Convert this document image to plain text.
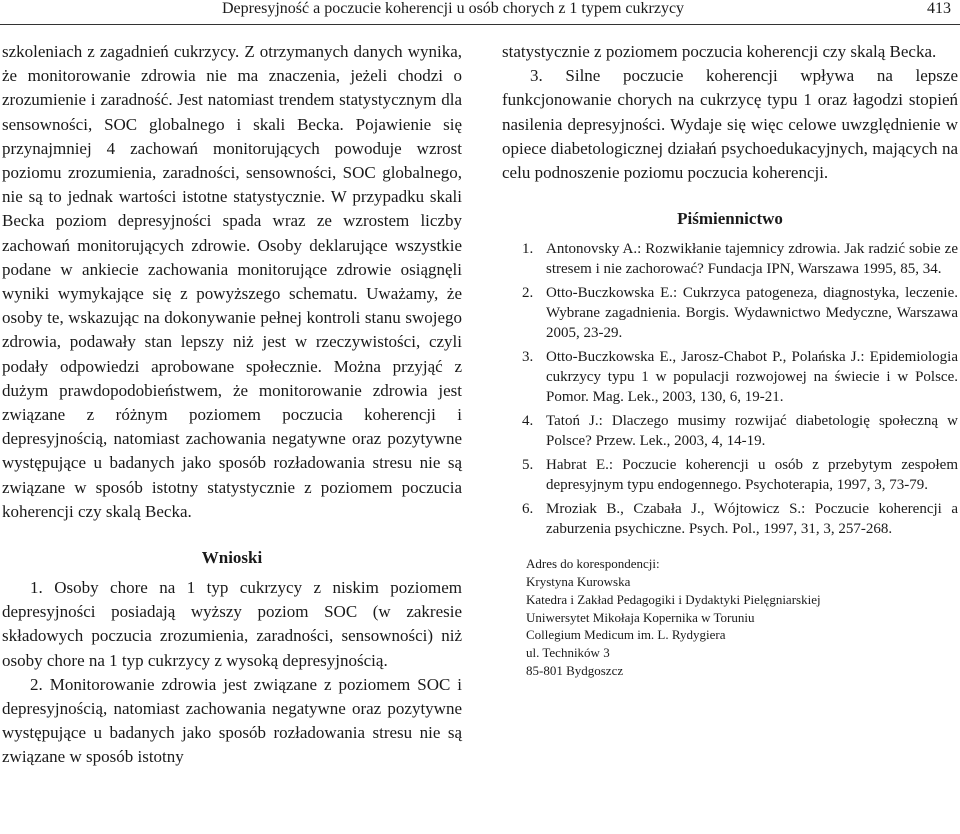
Depresyjność a poczucie koherencji u osób chorych z 1 typem cukrzycy	413

szkoleniach z zagadnień cukrzycy. Z otrzymanych danych wynika, że monitorowanie zdrowia nie ma znaczenia, jeżeli chodzi o zrozumienie i zaradność. Jest natomiast trendem statystycznym dla sensowności, SOC globalnego i skali Becka. Pojawienie się przynajmniej 4 zachowań monitorujących powoduje wzrost poziomu zrozumienia, zaradności, sensowności, SOC globalnego, nie są to jednak wartości istotne statystycznie. W przypadku skali Becka poziom depresyjności spada wraz ze wzrostem liczby zachowań monitorujących zdrowie. Osoby deklarujące wszystkie podane w ankiecie zachowania monitorujące zdrowie osiągnęli wyniki wymykające się z powyższego schematu. Uważamy, że osoby te, wskazując na dokonywanie pełnej kontroli stanu swojego zdrowia, podawały stan lepszy niż jest w rzeczywistości, czyli podały odpowiedzi aprobowane społecznie. Można przyjąć z dużym prawdopodobieństwem, że monitorowanie zdrowia jest związane z różnym poziomem poczucia koherencji i depresyjnością, natomiast zachowania negatywne oraz pozytywne występujące u badanych jako sposób rozładowania stresu nie są związane w sposób istotny statystycznie z poziomem poczucia koherencji czy skalą Becka.

Wnioski

1. Osoby chore na 1 typ cukrzycy z niskim poziomem depresyjności posiadają wyższy poziom SOC (w zakresie składowych poczucia zrozumienia, zaradności, sensowności) niż osoby chore na 1 typ cukrzycy z wysoką depresyjnością.

2. Monitorowanie zdrowia jest związane z poziomem SOC i depresyjnością, natomiast zachowania negatywne oraz pozytywne występujące u badanych jako sposób rozładowania stresu nie są związane w sposób istotny

statystycznie z poziomem poczucia koherencji czy skalą Becka.

3. Silne poczucie koherencji wpływa na lepsze funkcjonowanie chorych na cukrzycę typu 1 oraz łagodzi stopień nasilenia depresyjności. Wydaje się więc celowe uwzględnienie w opiece diabetologicznej działań psychoedukacyjnych, mających na celu podnoszenie poziomu poczucia koherencji.

Piśmiennictwo
1. Antonovsky A.: Rozwikłanie tajemnicy zdrowia. Jak radzić sobie ze stresem i nie zachorować? Fundacja IPN, Warszawa 1995, 85, 34.
2. Otto-Buczkowska E.: Cukrzyca patogeneza, diagnostyka, leczenie. Wybrane zagadnienia. Borgis. Wydawnictwo Medyczne, Warszawa 2005, 23-29.
3. Otto-Buczkowska E., Jarosz-Chabot P., Polańska J.: Epidemiologia cukrzycy typu 1 w populacji rozwojowej na świecie i w Polsce. Pomor. Mag. Lek., 2003, 130, 6, 19-21.
4. Tatoń J.: Dlaczego musimy rozwijać diabetologię społeczną w Polsce? Przew. Lek., 2003, 4, 14-19.
5. Habrat E.: Poczucie koherencji u osób z przebytym zespołem depresyjnym typu endogennego. Psychoterapia, 1997, 3, 73-79.
6. Mroziak B., Czabała J., Wójtowicz S.: Poczucie koherencji a zaburzenia psychiczne. Psych. Pol., 1997, 31, 3, 257-268.
Adres do korespondencji:
Krystyna Kurowska
Katedra i Zakład Pedagogiki i Dydaktyki Pielęgniarskiej
Uniwersytet Mikołaja Kopernika w Toruniu
Collegium Medicum im. L. Rydygiera
ul. Techników 3
85-801 Bydgoszcz
